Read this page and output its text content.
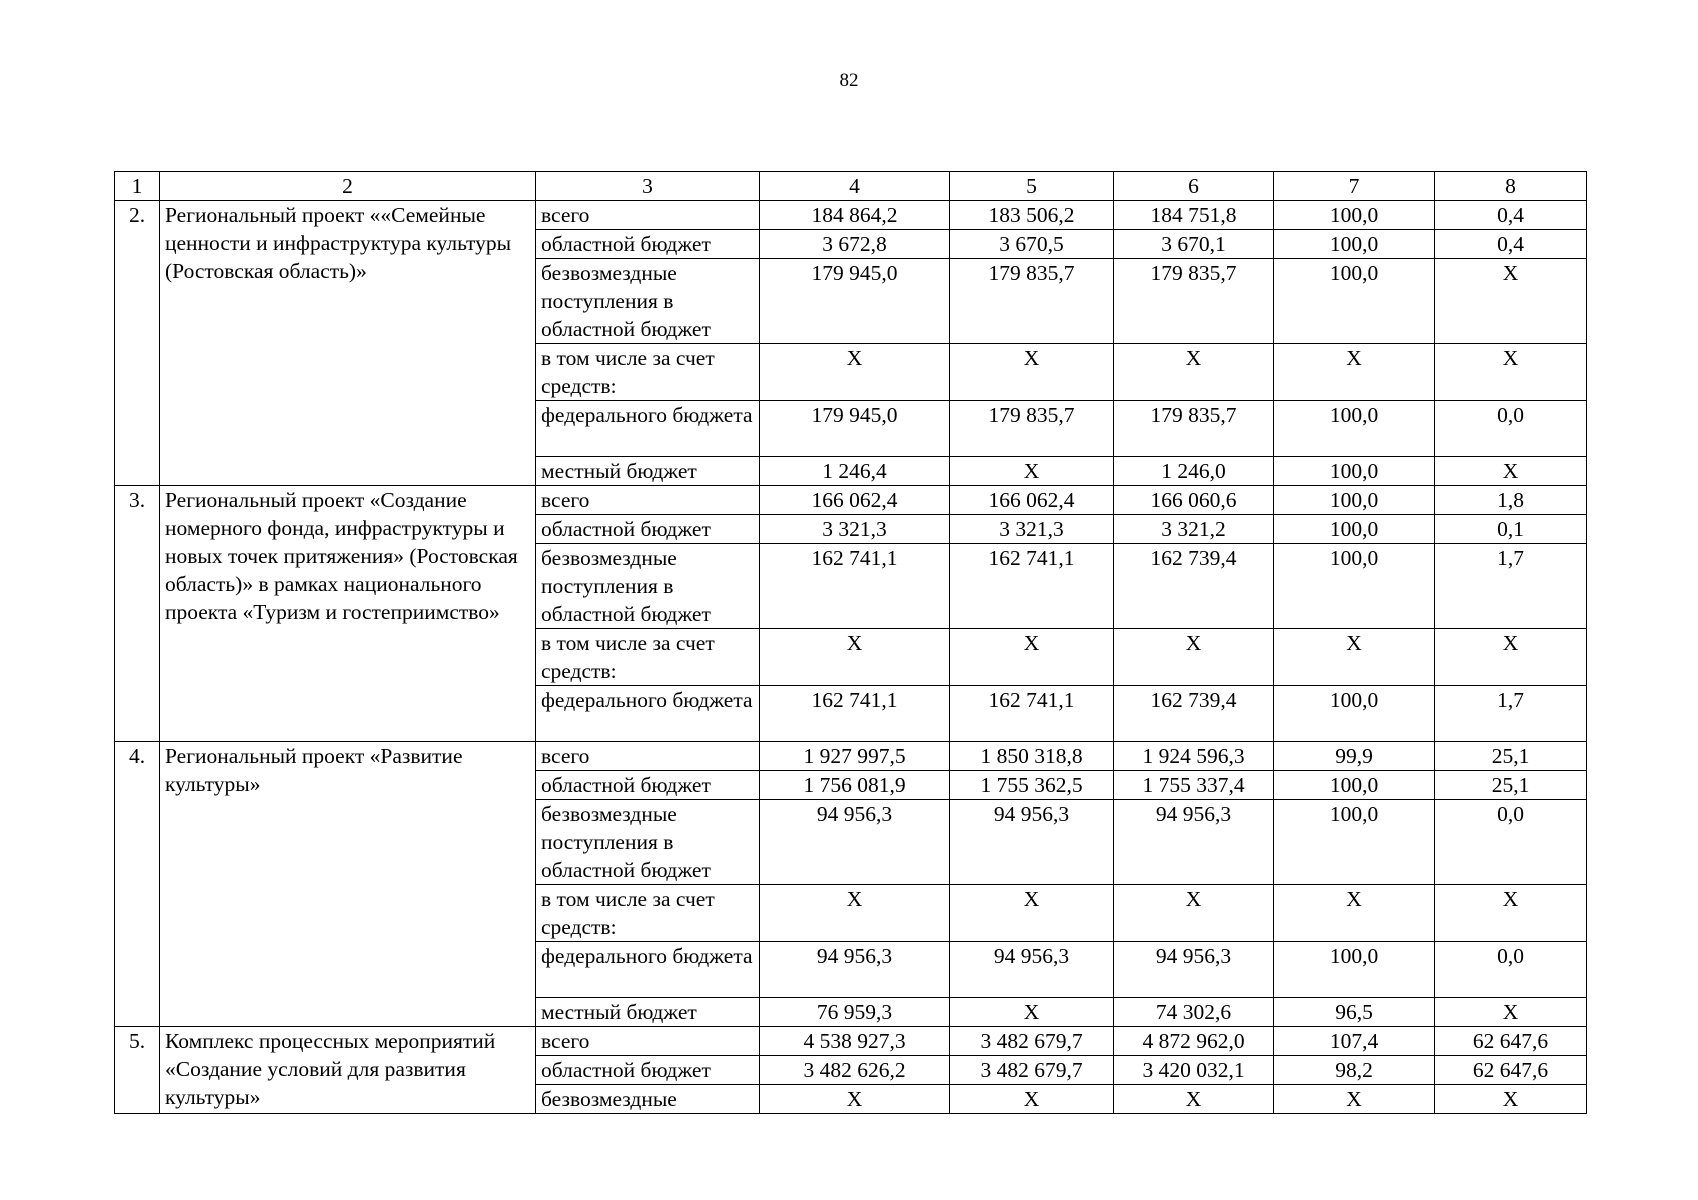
82
1	2	3	4	5	6	7	8
2.	Региональный проект ««Семейные ценности и инфраструктура культуры (Ростовская область)»	всего	184 864,2	183 506,2	184 751,8	100,0	0,4
		областной бюджет	3 672,8	3 670,5	3 670,1	100,0	0,4
		безвозмездные поступления в областной бюджет	179 945,0	179 835,7	179 835,7	100,0	X
		в том числе за счет средств:	X	X	X	X	X
		федерального бюджета	179 945,0	179 835,7	179 835,7	100,0	0,0
		местный бюджет	1 246,4	X	1 246,0	100,0	X
3.	Региональный проект «Создание номерного фонда, инфраструктуры и новых точек притяжения» (Ростовская область)» в рамках национального проекта «Туризм и гостеприимство»	всего	166 062,4	166 062,4	166 060,6	100,0	1,8
		областной бюджет	3 321,3	3 321,3	3 321,2	100,0	0,1
		безвозмездные поступления в областной бюджет	162 741,1	162 741,1	162 739,4	100,0	1,7
		в том числе за счет средств:	X	X	X	X	X
		федерального бюджета	162 741,1	162 741,1	162 739,4	100,0	1,7
4.	Региональный проект «Развитие культуры»	всего	1 927 997,5	1 850 318,8	1 924 596,3	99,9	25,1
		областной бюджет	1 756 081,9	1 755 362,5	1 755 337,4	100,0	25,1
		безвозмездные поступления в областной бюджет	94 956,3	94 956,3	94 956,3	100,0	0,0
		в том числе за счет средств:	X	X	X	X	X
		федерального бюджета	94 956,3	94 956,3	94 956,3	100,0	0,0
		местный бюджет	76 959,3	X	74 302,6	96,5	X
5.	Комплекс процессных мероприятий «Создание условий для развития культуры»	всего	4 538 927,3	3 482 679,7	4 872 962,0	107,4	62 647,6
		областной бюджет	3 482 626,2	3 482 679,7	3 420 032,1	98,2	62 647,6
		безвозмездные	X	X	X	X	X
